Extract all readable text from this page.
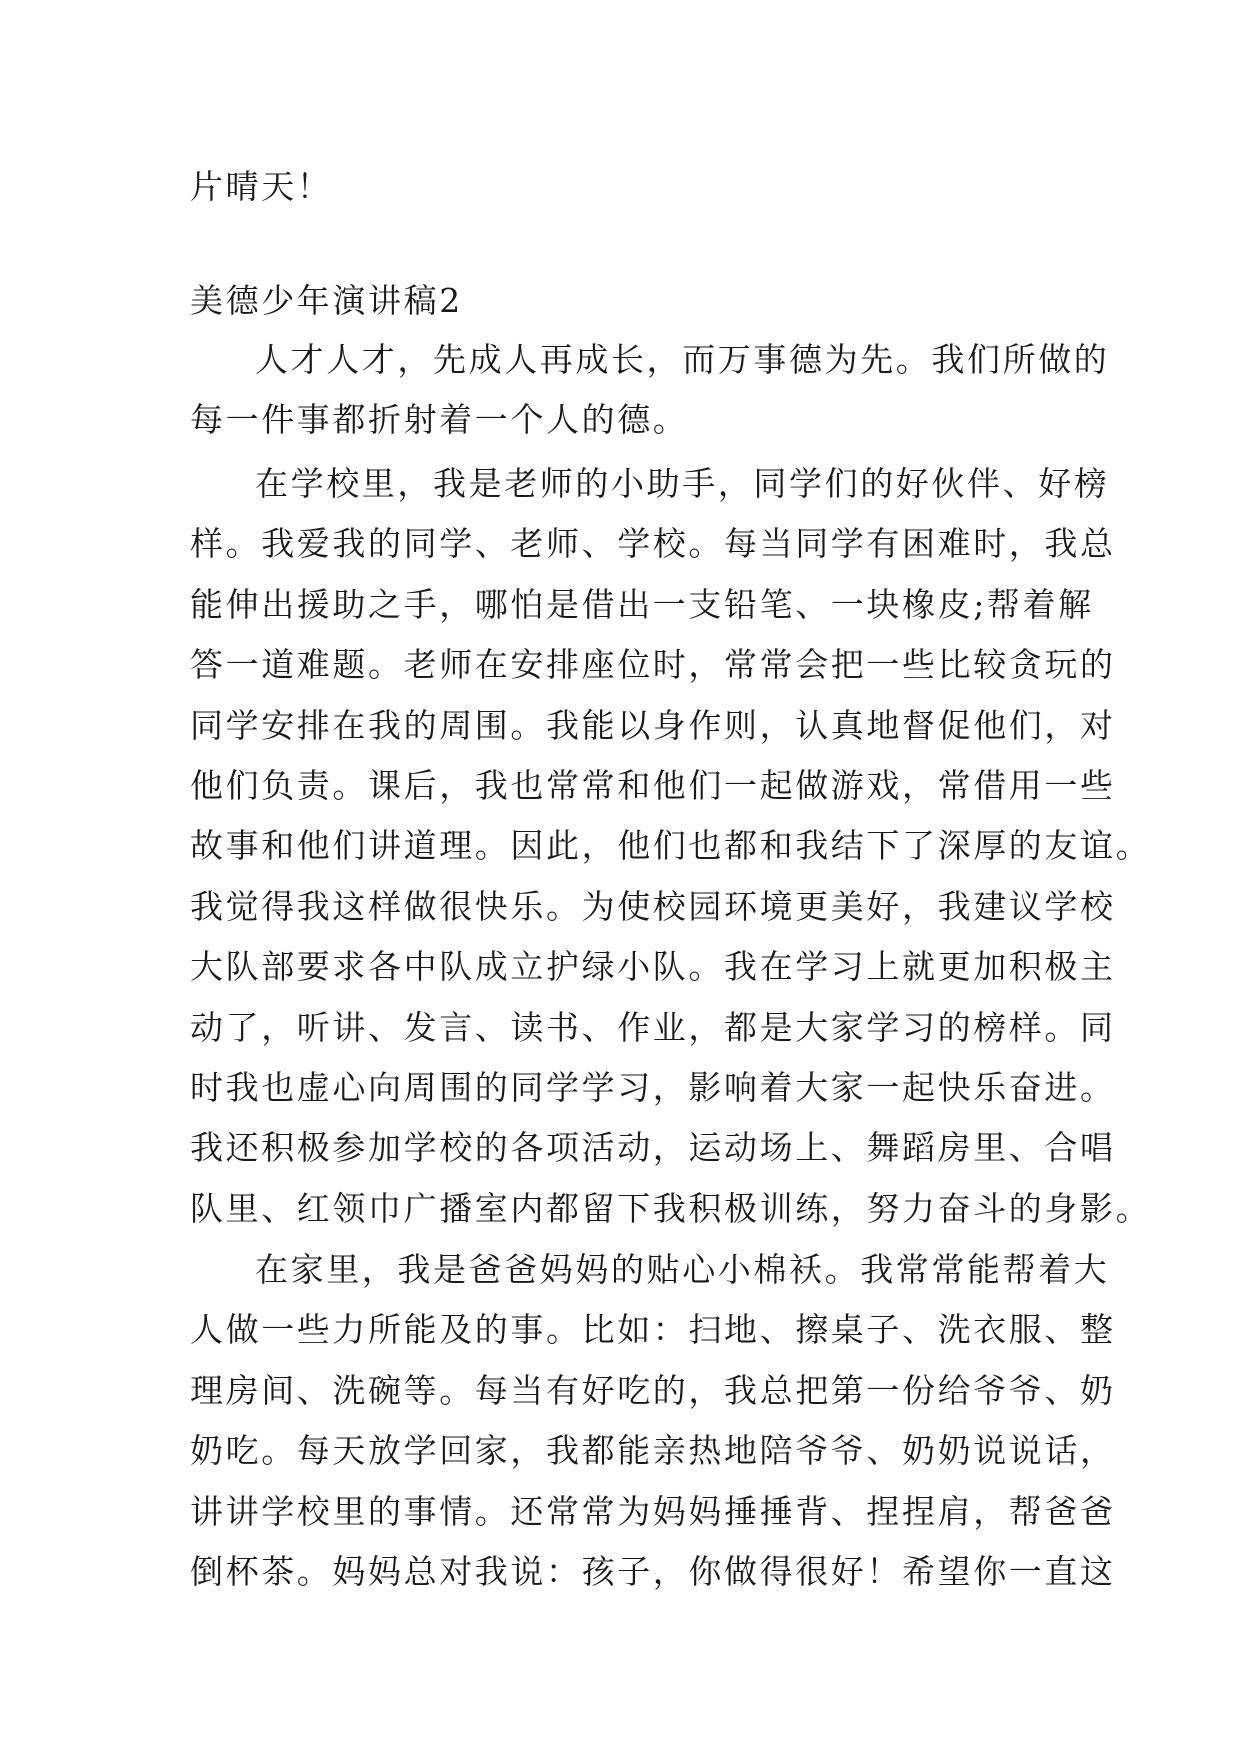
片晴天！
美德少年演讲稿2
人才人才，先成人再成长，而万事德为先。我们所做的
每一件事都折射着一个人的德。
在学校里，我是老师的小助手，同学们的好伙伴、好榜
样。我爱我的同学、老师、学校。每当同学有困难时，我总
能伸出援助之手，哪怕是借出一支铅笔、一块橡皮;帮着解
答一道难题。老师在安排座位时，常常会把一些比较贪玩的
同学安排在我的周围。我能以身作则，认真地督促他们，对
他们负责。课后，我也常常和他们一起做游戏，常借用一些
故事和他们讲道理。因此，他们也都和我结下了深厚的友谊。
我觉得我这样做很快乐。为使校园环境更美好，我建议学校
大队部要求各中队成立护绿小队。我在学习上就更加积极主
动了，听讲、发言、读书、作业，都是大家学习的榜样。同
时我也虚心向周围的同学学习，影响着大家一起快乐奋进。
我还积极参加学校的各项活动，运动场上、舞蹈房里、合唱
队里、红领巾广播室内都留下我积极训练，努力奋斗的身影。
在家里，我是爸爸妈妈的贴心小棉袄。我常常能帮着大
人做一些力所能及的事。比如：扫地、擦桌子、洗衣服、整
理房间、洗碗等。每当有好吃的，我总把第一份给爷爷、奶
奶吃。每天放学回家，我都能亲热地陪爷爷、奶奶说说话，
讲讲学校里的事情。还常常为妈妈捶捶背、捏捏肩，帮爸爸
倒杯茶。妈妈总对我说：孩子，你做得很好！希望你一直这
